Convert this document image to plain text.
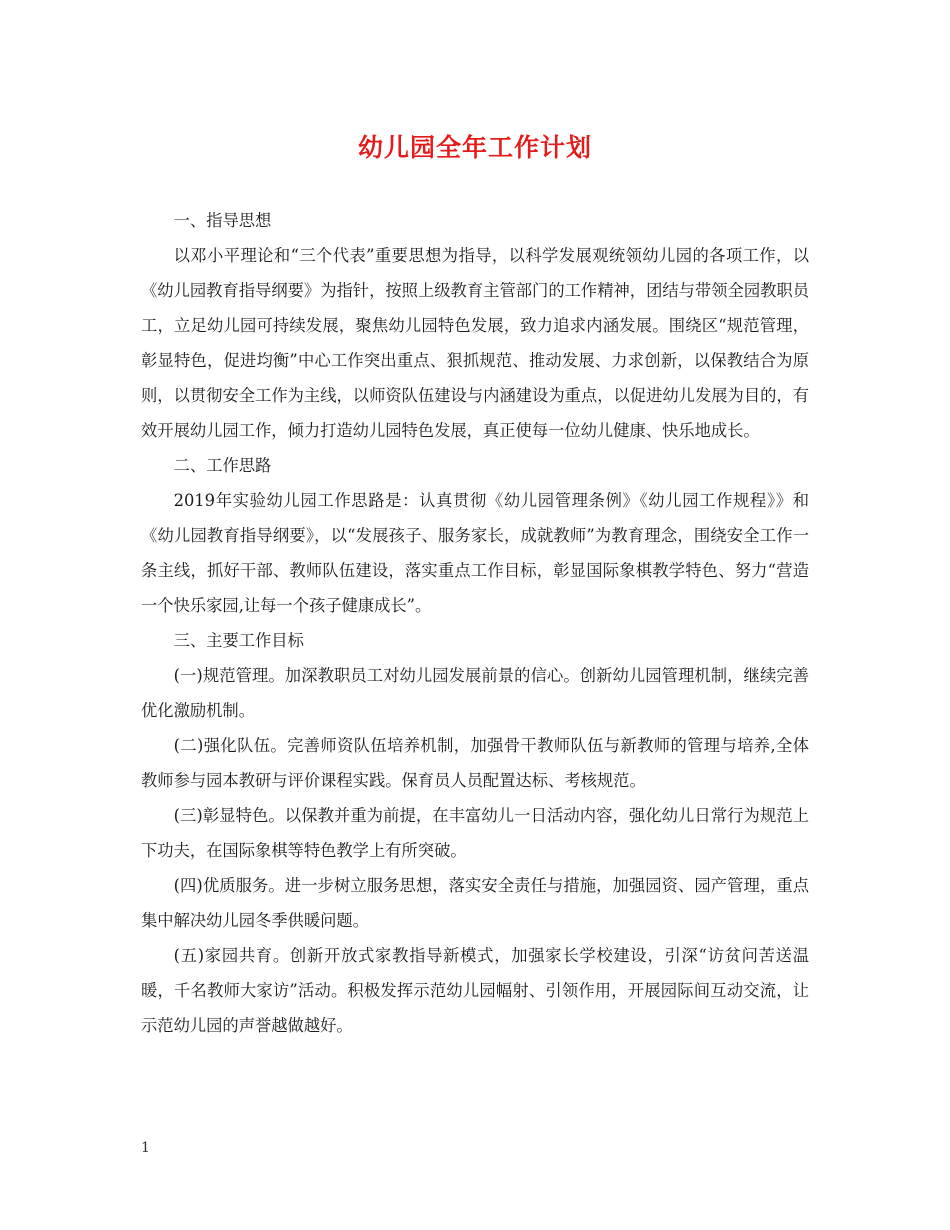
幼儿园全年工作计划

一、指导思想

以邓小平理论和“三个代表”重要思想为指导，以科学发展观统领幼儿园的各项工作，以《幼儿园教育指导纲要》为指针，按照上级教育主管部门的工作精神，团结与带领全园教职员工，立足幼儿园可持续发展，聚焦幼儿园特色发展，致力追求内涵发展。围绕区“规范管理，彰显特色，促进均衡”中心工作突出重点、狠抓规范、推动发展、力求创新，以保教结合为原则，以贯彻安全工作为主线，以师资队伍建设与内涵建设为重点，以促进幼儿发展为目的，有效开展幼儿园工作，倾力打造幼儿园特色发展，真正使每一位幼儿健康、快乐地成长。

二、工作思路

2019年实验幼儿园工作思路是：认真贯彻《幼儿园管理条例》《幼儿园工作规程》》和《幼儿园教育指导纲要》，以“发展孩子、服务家长，成就教师”为教育理念，围绕安全工作一条主线，抓好干部、教师队伍建设，落实重点工作目标，彰显国际象棋教学特色、努力“营造一个快乐家园,让每一个孩子健康成长”。

三、主要工作目标

(一)规范管理。加深教职员工对幼儿园发展前景的信心。创新幼儿园管理机制，继续完善优化激励机制。

(二)强化队伍。完善师资队伍培养机制，加强骨干教师队伍与新教师的管理与培养,全体教师参与园本教研与评价课程实践。保育员人员配置达标、考核规范。

(三)彰显特色。以保教并重为前提，在丰富幼儿一日活动内容，强化幼儿日常行为规范上下功夫，在国际象棋等特色教学上有所突破。

(四)优质服务。进一步树立服务思想，落实安全责任与措施，加强园资、园产管理，重点集中解决幼儿园冬季供暖问题。

(五)家园共育。创新开放式家教指导新模式，加强家长学校建设，引深“访贫问苦送温暖，千名教师大家访”活动。积极发挥示范幼儿园幅射、引领作用，开展园际间互动交流，让示范幼儿园的声誉越做越好。

1
